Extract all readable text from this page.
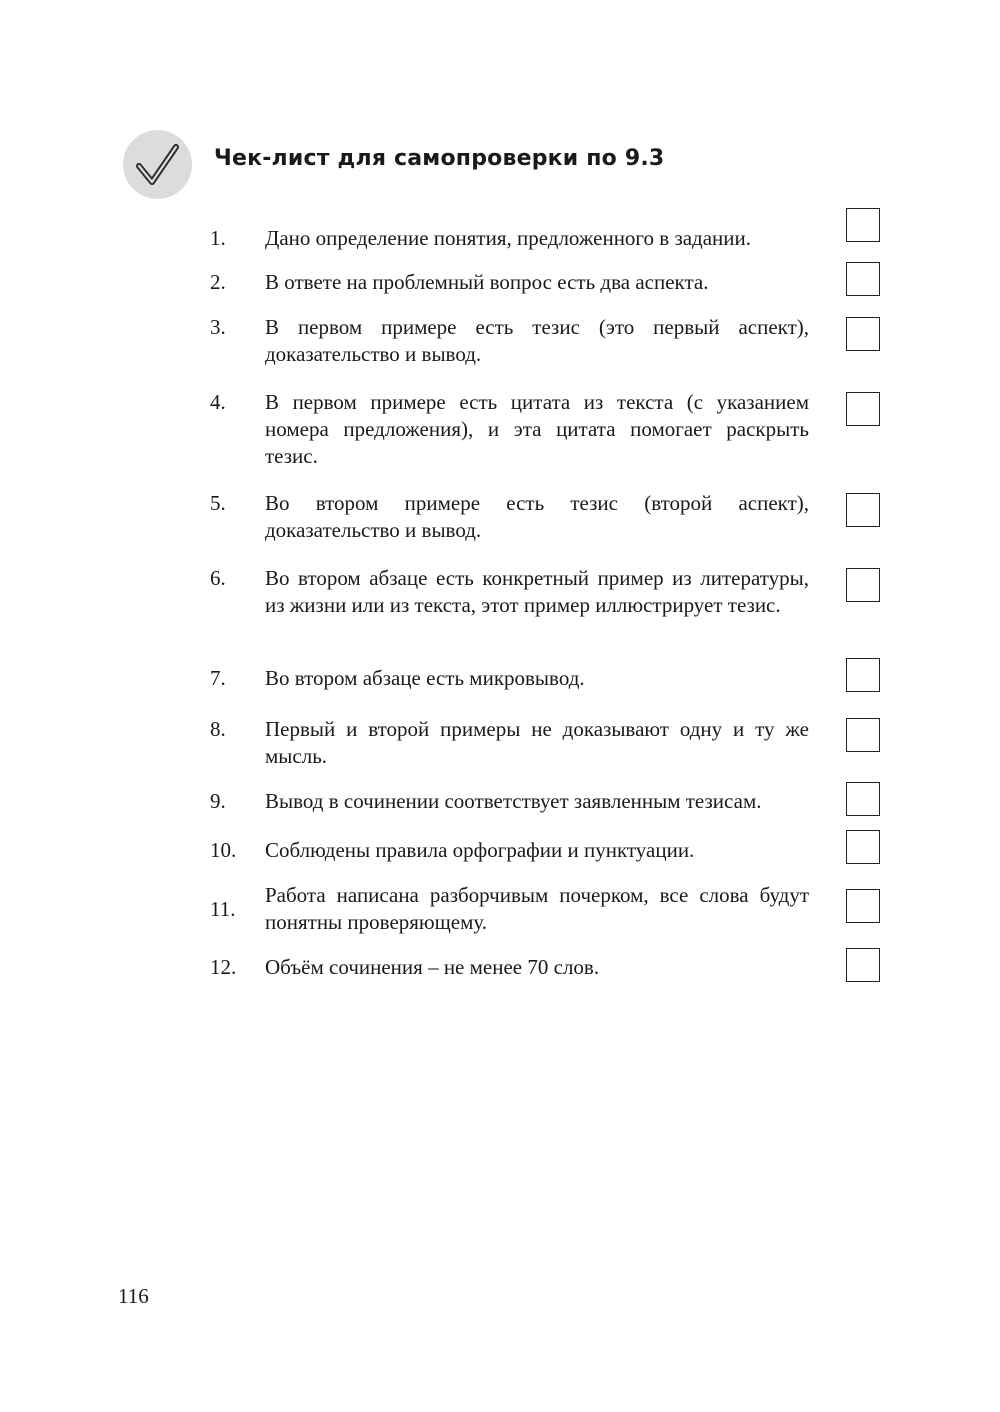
Чек-лист для самопроверки по 9.3
1.	Дано определение понятия, предложенного в задании.
2.	В ответе на проблемный вопрос есть два аспекта.
3.	В первом примере есть тезис (это первый аспект), доказательство и вывод.
4.	В первом примере есть цитата из текста (с указанием номера предложения), и эта цитата помогает раскрыть тезис.
5.	Во втором примере есть тезис (второй аспект), доказательство и вывод.
6.	Во втором абзаце есть конкретный пример из литературы, из жизни или из текста, этот пример иллюстрирует тезис.
7.	Во втором абзаце есть микровывод.
8.	Первый и второй примеры не доказывают одну и ту же мысль.
9.	Вывод в сочинении соответствует заявленным тезисам.
10.	Соблюдены правила орфографии и пунктуации.
11.
Работа написана разборчивым почерком, все слова будут понятны проверяющему.
12.	Объём сочинения – не менее 70 слов.
116
